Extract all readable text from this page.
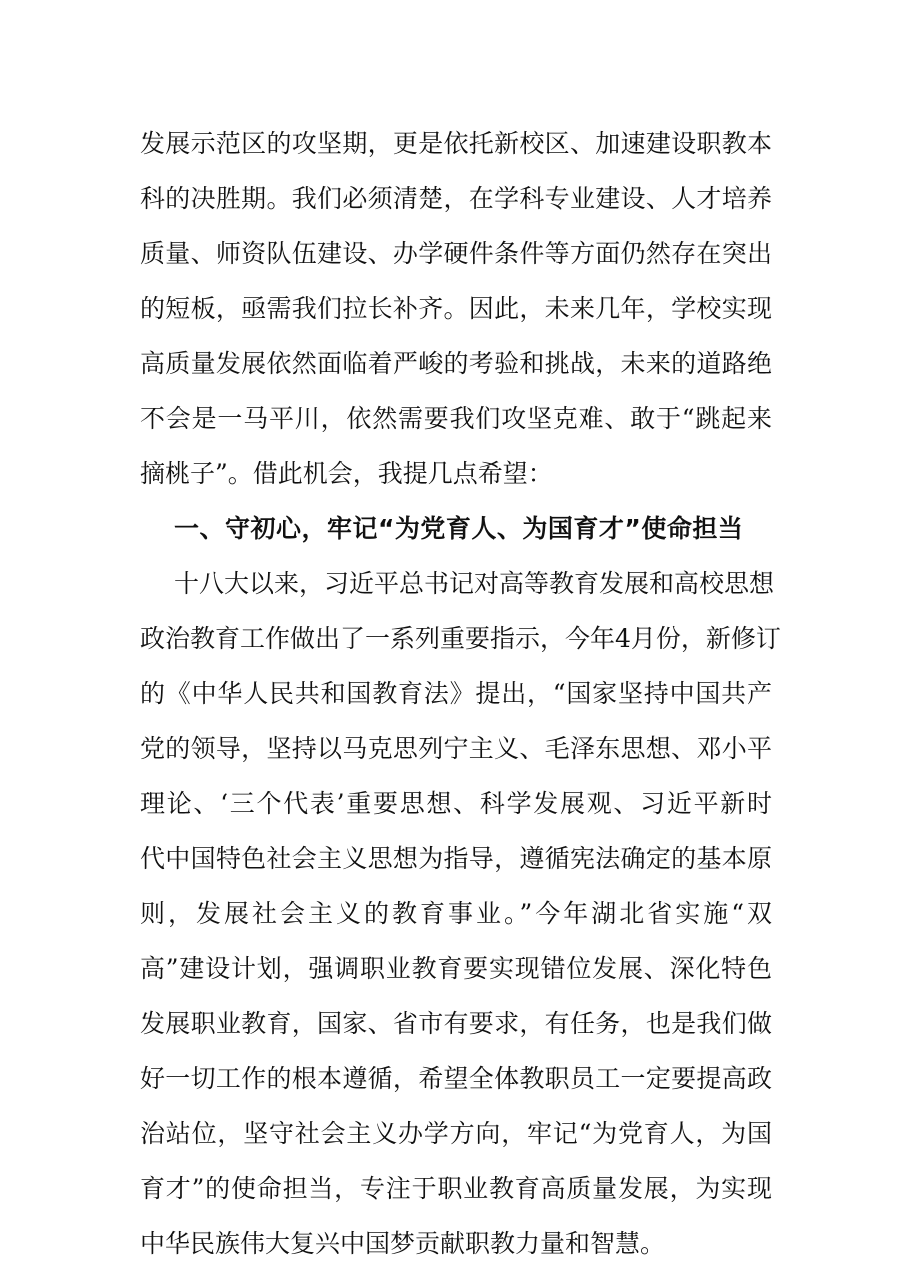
发展示范区的攻坚期，更是依托新校区、加速建设职教本
科的决胜期。我们必须清楚，在学科专业建设、人才培养
质量、师资队伍建设、办学硬件条件等方面仍然存在突出
的短板，亟需我们拉长补齐。因此，未来几年，学校实现
高质量发展依然面临着严峻的考验和挑战，未来的道路绝
不会是一马平川，依然需要我们攻坚克难、敢于“跳起来
摘桃子”。借此机会，我提几点希望：
一、守初心，牢记“为党育人、为国育才”使命担当
十八大以来，习近平总书记对高等教育发展和高校思想
政治教育工作做出了一系列重要指示，今年4月份，新修订
的《中华人民共和国教育法》提出，“国家坚持中国共产
党的领导，坚持以马克思列宁主义、毛泽东思想、邓小平
理论、‘三个代表’重要思想、科学发展观、习近平新时
代中国特色社会主义思想为指导，遵循宪法确定的基本原
则，发展社会主义的教育事业。”今年湖北省实施“双
高”建设计划，强调职业教育要实现错位发展、深化特色
发展职业教育，国家、省市有要求，有任务，也是我们做
好一切工作的根本遵循，希望全体教职员工一定要提高政
治站位，坚守社会主义办学方向，牢记“为党育人，为国
育才”的使命担当，专注于职业教育高质量发展，为实现
中华民族伟大复兴中国梦贡献职教力量和智慧。
